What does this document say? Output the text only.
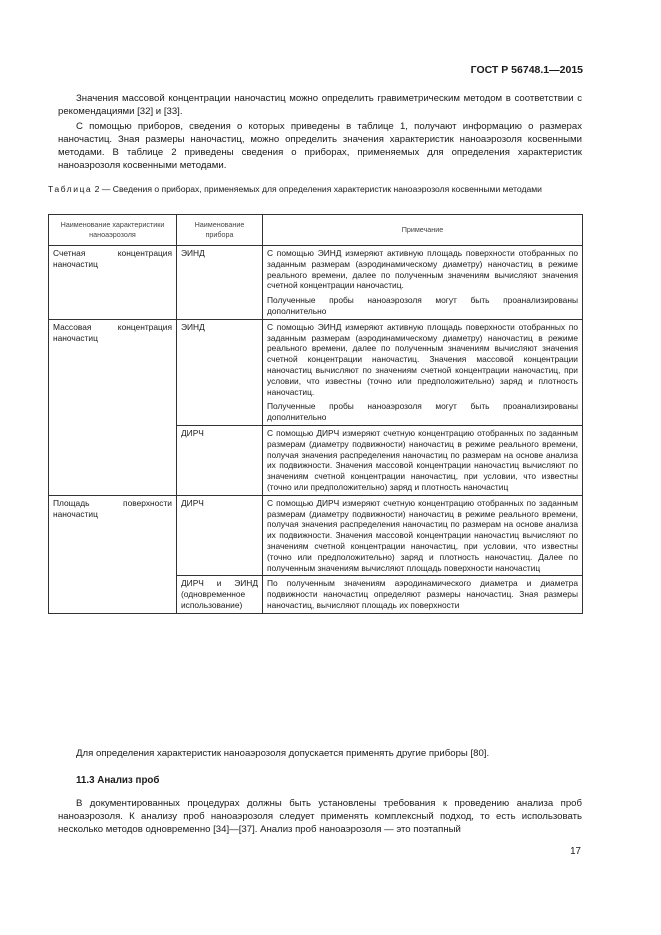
ГОСТ Р 56748.1—2015

Значения массовой концентрации наночастиц можно определить гравиметрическим методом в соответствии с рекомендациями [32] и [33].

С помощью приборов, сведения о которых приведены в таблице 1, получают информацию о размерах наночастиц. Зная размеры наночастиц, можно определить значения характеристик наноаэрозоля косвенными методами. В таблице 2 приведены сведения о приборах, применяемых для определения характеристик наноаэрозоля косвенными методами.

Таблица 2 — Сведения о приборах, применяемых для определения характеристик наноаэрозоля косвенными методами

Наименование характеристики наноаэрозоля	Наименование прибора	Примечание

Счетная концентрация наночастиц	ЭИНД	С помощью ЭИНД измеряют активную площадь поверхности отобранных по заданным размерам (аэродинамическому диаметру) наночастиц в режиме реального времени, далее по полученным значениям вычисляют значения счетной концентрации наночастиц.

Полученные пробы наноаэрозоля могут быть проанализированы дополнительно

Массовая концентрация наночастиц	ЭИНД	С помощью ЭИНД измеряют активную площадь поверхности отобранных по заданным размерам (аэродинамическому диаметру) наночастиц в режиме реального времени, далее по полученным значениям вычисляют значения счетной концентрации наночастиц. Значения массовой концентрации наночастиц вычисляют по значениям счетной концентрации наночастиц, при условии, что известны (точно или предположительно) заряд и плотность наночастиц.

Полученные пробы наноаэрозоля могут быть проанализированы дополнительно

	ДИРЧ	С помощью ДИРЧ измеряют счетную концентрацию отобранных по заданным размерам (диаметру подвижности) наночастиц в режиме реального времени, получая значения распределения наночастиц по размерам на основе анализа их подвижности. Значения массовой концентрации наночастиц вычисляют по значениям счетной концентрации наночастиц, при условии, что известны (точно или предположительно) заряд и плотность наночастиц

Площадь поверхности наночастиц	ДИРЧ	С помощью ДИРЧ измеряют счетную концентрацию отобранных по заданным размерам (диаметру подвижности) наночастиц в режиме реального времени, получая значения распределения наночастиц по размерам на основе анализа их подвижности. Значения массовой концентрации наночастиц вычисляют по значениям счетной концентрации наночастиц, при условии, что известны (точно или предположительно) заряд и плотность наночастиц. Далее по полученным значениям вычисляют площадь поверхности наночастиц

	ДИРЧ и ЭИНД (одновременное использование)	По полученным значениям аэродинамического диаметра и диаметра подвижности наночастиц определяют размеры наночастиц. Зная размеры наночастиц, вычисляют площадь их поверхности

Для определения характеристик наноаэрозоля допускается применять другие приборы [80].

11.3 Анализ проб

В документированных процедурах должны быть установлены требования к проведению анализа проб наноаэрозоля. К анализу проб наноаэрозоля следует применять комплексный подход, то есть использовать несколько методов одновременно [34]—[37]. Анализ проб наноаэрозоля — это поэтапный

17
